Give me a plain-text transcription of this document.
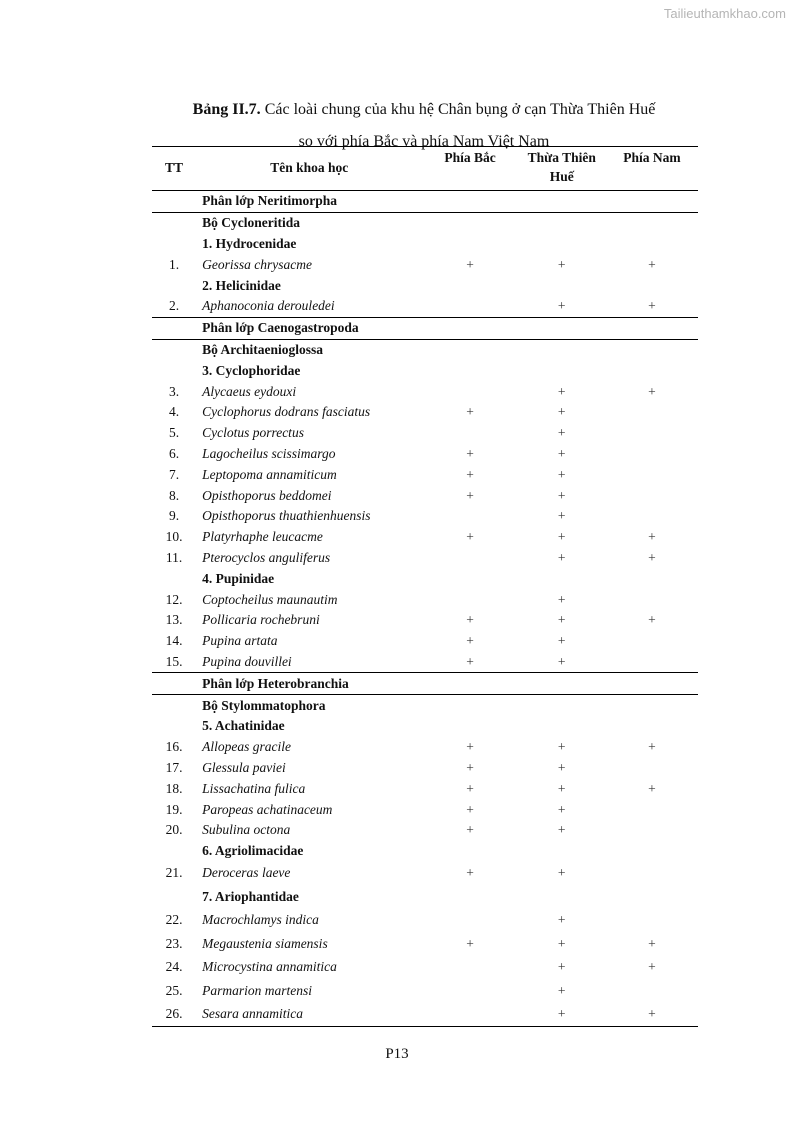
Tailieuthamkhao.com
Bảng II.7. Các loài chung của khu hệ Chân bụng ở cạn Thừa Thiên Huế
so với phía Bắc và phía Nam Việt Nam
TT	Tên khoa học	Phía Bắc	Thừa Thiên Huế	Phía Nam
	Phân lớp Neritimorpha			
	Bộ Cycloneritida			
	1. Hydrocenidae			
1.	Georissa chrysacme	+	+	+
	2. Helicinidae			
2.	Aphanoconia derouledei		+	+
	Phân lớp Caenogastropoda			
	Bộ Architaenioglossa			
	3. Cyclophoridae			
3.	Alycaeus eydouxi		+	+
4.	Cyclophorus dodrans fasciatus	+	+	
5.	Cyclotus porrectus		+	
6.	Lagocheilus scissimargo	+	+	
7.	Leptopoma annamiticum	+	+	
8.	Opisthoporus beddomei	+	+	
9.	Opisthoporus thuathienhuensis		+	
10.	Platyrhaphe leucacme	+	+	+
11.	Pterocyclos anguliferus		+	+
	4. Pupinidae			
12.	Coptocheilus maunautim		+	
13.	Pollicaria rochebruni	+	+	+
14.	Pupina artata	+	+	
15.	Pupina douvillei	+	+	
	Phân lớp Heterobranchia			
	Bộ Stylommatophora			
	5. Achatinidae			
16.	Allopeas gracile	+	+	+
17.	Glessula paviei	+	+	
18.	Lissachatina fulica	+	+	+
19.	Paropeas achatinaceum	+	+	
20.	Subulina octona	+	+	
	6. Agriolimacidae			
21.	Deroceras laeve	+	+	
	7. Ariophantidae			
22.	Macrochlamys indica		+	
23.	Megaustenia siamensis	+	+	+
24.	Microcystina annamitica		+	+
25.	Parmarion martensi		+	
26.	Sesara annamitica		+	+
P13
